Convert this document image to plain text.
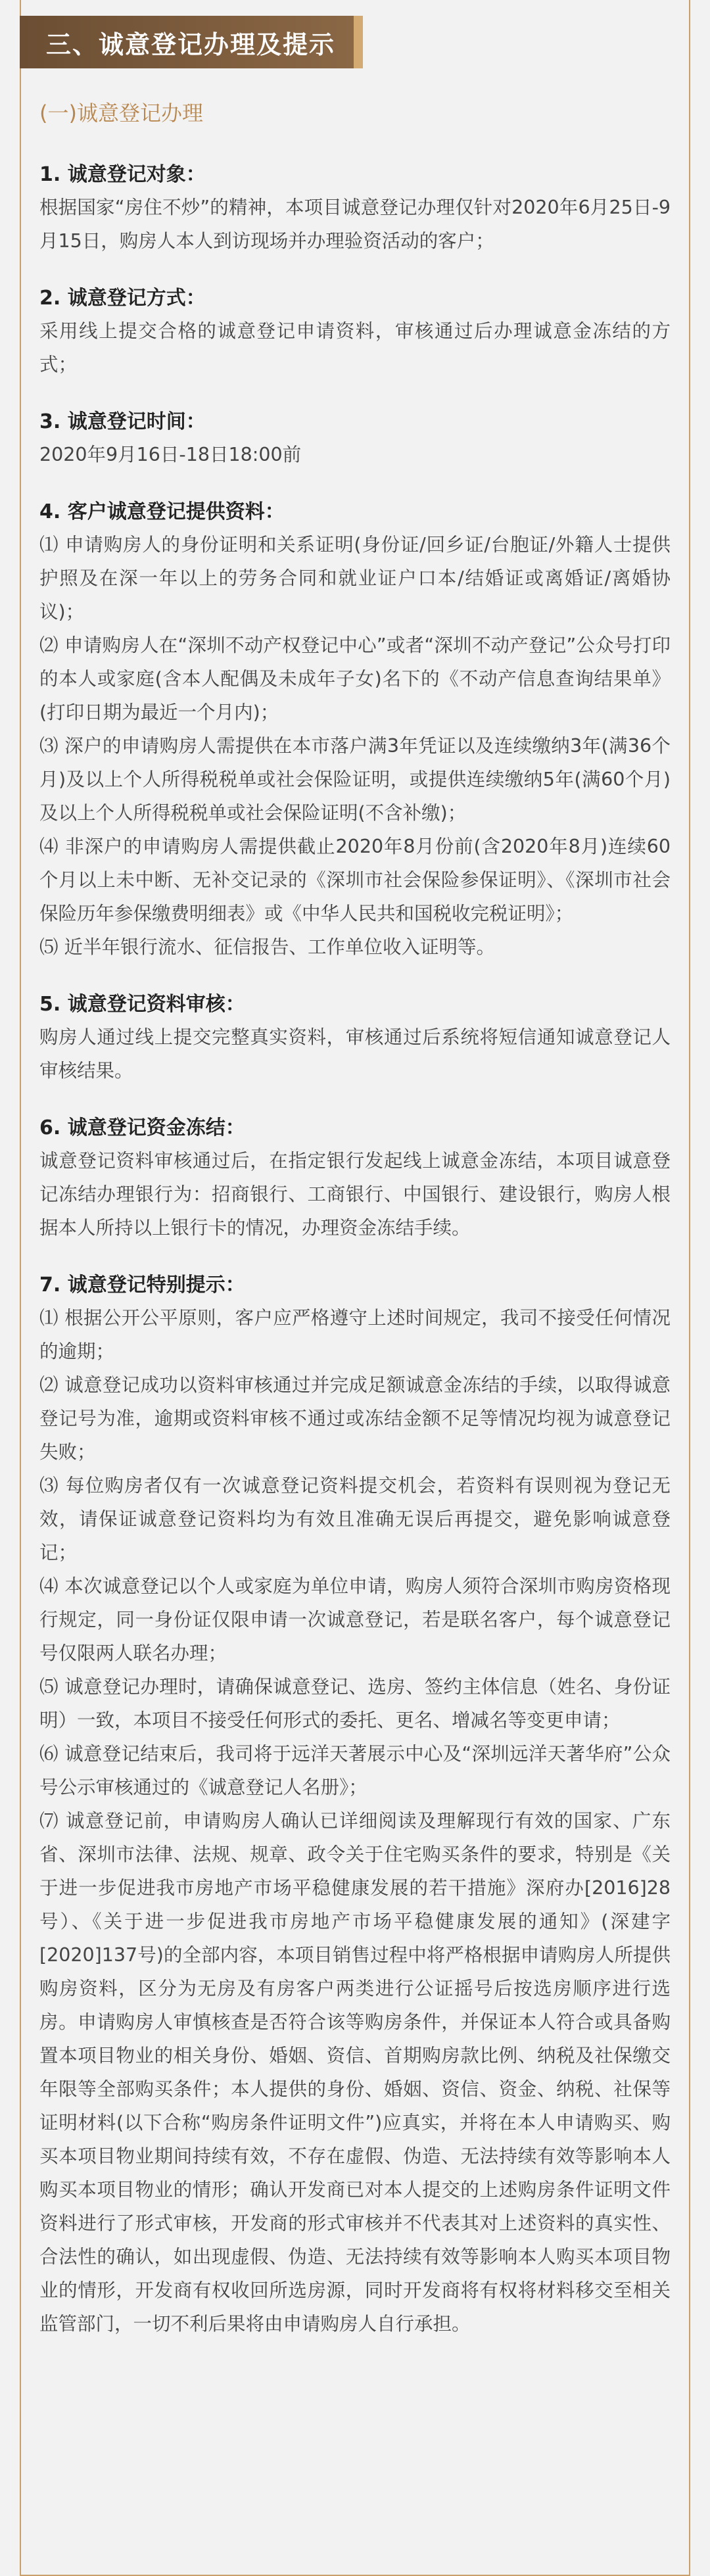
三、诚意登记办理及提示
(一)诚意登记办理
1. 诚意登记对象：
根据国家“房住不炒”的精神，本项目诚意登记办理仅针对2020年6月25日-9月15日，购房人本人到访现场并办理验资活动的客户；
2. 诚意登记方式：
采用线上提交合格的诚意登记申请资料，审核通过后办理诚意金冻结的方式；
3. 诚意登记时间：
2020年9月16日-18日18:00前
4. 客户诚意登记提供资料：
⑴ 申请购房人的身份证明和关系证明(身份证/回乡证/台胞证/外籍人士提供护照及在深一年以上的劳务合同和就业证户口本/结婚证或离婚证/离婚协议)；
⑵ 申请购房人在“深圳不动产权登记中心”或者“深圳不动产登记”公众号打印的本人或家庭(含本人配偶及未成年子女)名下的《不动产信息查询结果单》(打印日期为最近一个月内)；
⑶ 深户的申请购房人需提供在本市落户满3年凭证以及连续缴纳3年(满36个月)及以上个人所得税税单或社会保险证明，或提供连续缴纳5年(满60个月)及以上个人所得税税单或社会保险证明(不含补缴)；
⑷ 非深户的申请购房人需提供截止2020年8月份前(含2020年8月)连续60个月以上未中断、无补交记录的《深圳市社会保险参保证明》、《深圳市社会保险历年参保缴费明细表》或《中华人民共和国税收完税证明》；
⑸ 近半年银行流水、征信报告、工作单位收入证明等。
5. 诚意登记资料审核：
购房人通过线上提交完整真实资料，审核通过后系统将短信通知诚意登记人审核结果。
6. 诚意登记资金冻结：
诚意登记资料审核通过后，在指定银行发起线上诚意金冻结，本项目诚意登记冻结办理银行为：招商银行、工商银行、中国银行、建设银行，购房人根据本人所持以上银行卡的情况，办理资金冻结手续。
7. 诚意登记特别提示：
⑴ 根据公开公平原则，客户应严格遵守上述时间规定，我司不接受任何情况的逾期；
⑵ 诚意登记成功以资料审核通过并完成足额诚意金冻结的手续，以取得诚意登记号为准，逾期或资料审核不通过或冻结金额不足等情况均视为诚意登记失败；
⑶ 每位购房者仅有一次诚意登记资料提交机会，若资料有误则视为登记无效，请保证诚意登记资料均为有效且准确无误后再提交，避免影响诚意登记；
⑷ 本次诚意登记以个人或家庭为单位申请，购房人须符合深圳市购房资格现行规定，同一身份证仅限申请一次诚意登记，若是联名客户，每个诚意登记号仅限两人联名办理；
⑸ 诚意登记办理时，请确保诚意登记、选房、签约主体信息（姓名、身份证明）一致，本项目不接受任何形式的委托、更名、增减名等变更申请；
⑹ 诚意登记结束后，我司将于远洋天著展示中心及“深圳远洋天著华府”公众号公示审核通过的《诚意登记人名册》；
⑺ 诚意登记前，申请购房人确认已详细阅读及理解现行有效的国家、广东省、深圳市法律、法规、规章、政令关于住宅购买条件的要求，特别是《关于进一步促进我市房地产市场平稳健康发展的若干措施》深府办[2016]28号）、《关于进一步促进我市房地产市场平稳健康发展的通知》(深建字[2020]137号)的全部内容，本项目销售过程中将严格根据申请购房人所提供购房资料，区分为无房及有房客户两类进行公证摇号后按选房顺序进行选房。申请购房人审慎核查是否符合该等购房条件，并保证本人符合或具备购置本项目物业的相关身份、婚姻、资信、首期购房款比例、纳税及社保缴交年限等全部购买条件；本人提供的身份、婚姻、资信、资金、纳税、社保等证明材料(以下合称“购房条件证明文件”)应真实，并将在本人申请购买、购买本项目物业期间持续有效，不存在虚假、伪造、无法持续有效等影响本人购买本项目物业的情形；确认开发商已对本人提交的上述购房条件证明文件资料进行了形式审核，开发商的形式审核并不代表其对上述资料的真实性、合法性的确认，如出现虚假、伪造、无法持续有效等影响本人购买本项目物业的情形，开发商有权收回所选房源，同时开发商将有权将材料移交至相关监管部门，一切不利后果将由申请购房人自行承担。
